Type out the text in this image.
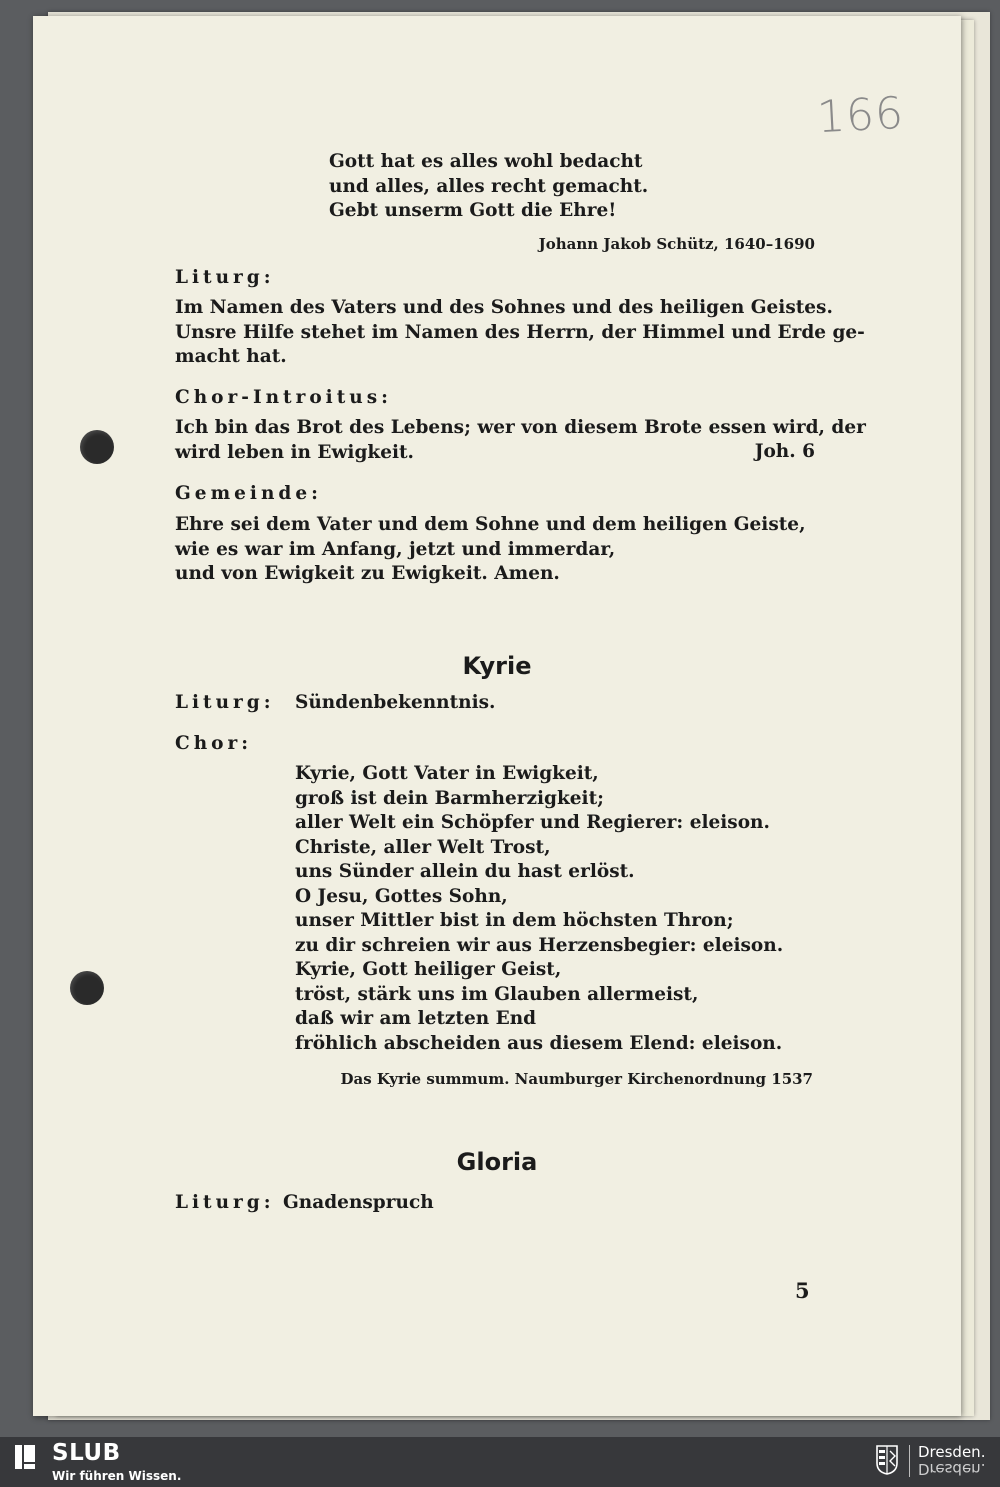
166

Gott hat es alles wohl bedacht
und alles, alles recht gemacht.
Gebt unserm Gott die Ehre!

Johann Jakob Schütz, 1640–1690

Liturg:

Im Namen des Vaters und des Sohnes und des heiligen Geistes.
Unsre Hilfe stehet im Namen des Herrn, der Himmel und Erde ge-
macht hat.

Chor-Introitus:

Ich bin das Brot des Lebens; wer von diesem Brote essen wird, der
wird leben in Ewigkeit.	Joh. 6

Gemeinde:

Ehre sei dem Vater und dem Sohne und dem heiligen Geiste,
wie es war im Anfang, jetzt und immerdar,
und von Ewigkeit zu Ewigkeit. Amen.

Kyrie

Liturg: Sündenbekenntnis.

Chor:

Kyrie, Gott Vater in Ewigkeit,
groß ist dein Barmherzigkeit;
aller Welt ein Schöpfer und Regierer: eleison.
Christe, aller Welt Trost,
uns Sünder allein du hast erlöst.
O Jesu, Gottes Sohn,
unser Mittler bist in dem höchsten Thron;
zu dir schreien wir aus Herzensbegier: eleison.
Kyrie, Gott heiliger Geist,
tröst, stärk uns im Glauben allermeist,
daß wir am letzten End
fröhlich abscheiden aus diesem Elend: eleison.

Das Kyrie summum. Naumburger Kirchenordnung 1537

Gloria

Liturg: Gnadenspruch

5
SLUB
Wir führen Wissen.
Dresden.
Dresden.
